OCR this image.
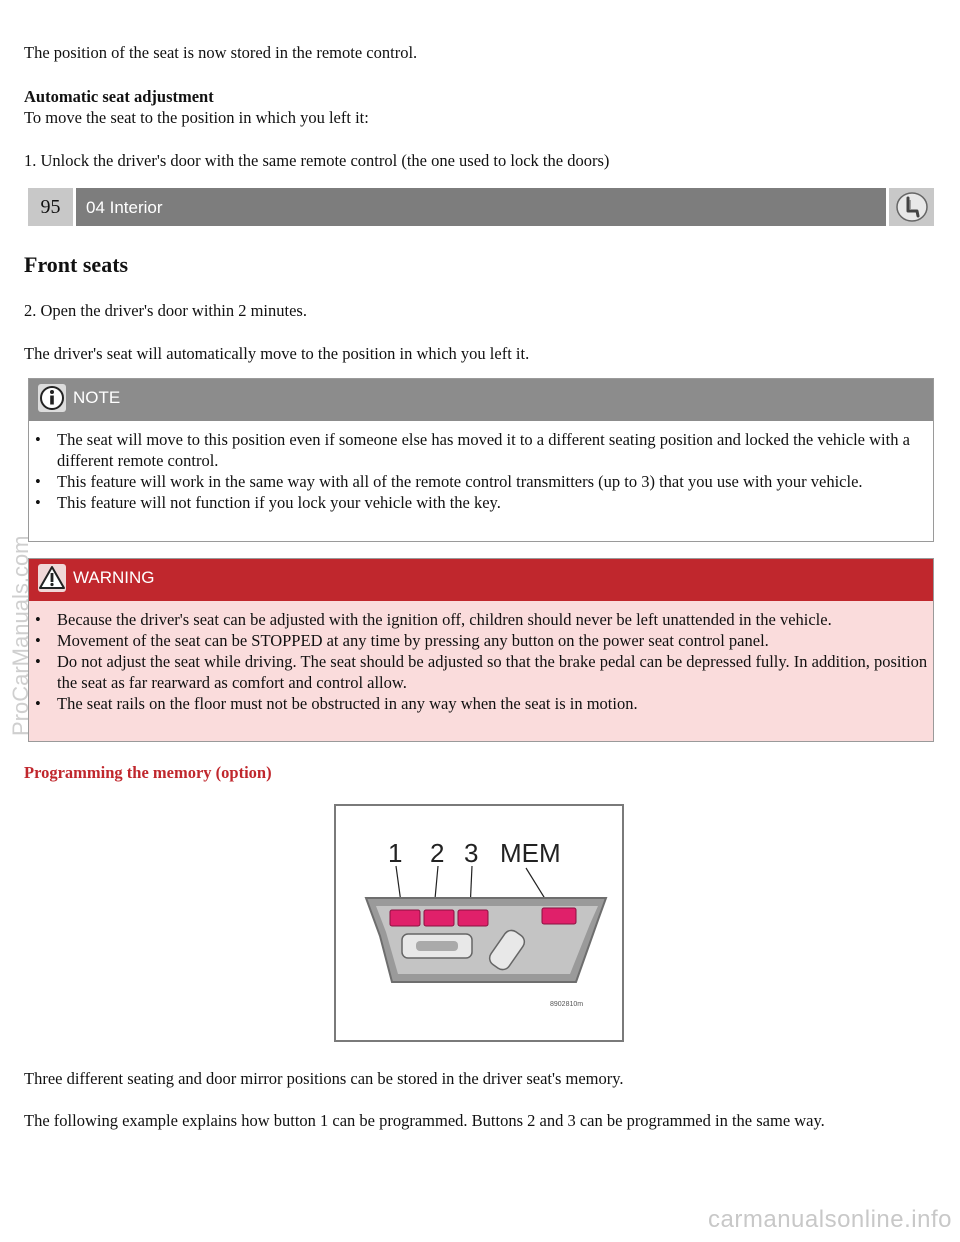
The position of the seat is now stored in the remote control.

Automatic seat adjustment

To move the seat to the position in which you left it:

1. Unlock the driver's door with the same remote control (the one used to lock the doors)

95	04 Interior

Front seats

2. Open the driver's door within 2 minutes.

The driver's seat will automatically move to the position in which you left it.

NOTE
• The seat will move to this position even if someone else has moved it to a different seating position and locked the vehicle with a different remote control.
• This feature will work in the same way with all of the remote control transmitters (up to 3) that you use with your vehicle.
• This feature will not function if you lock your vehicle with the key.
WARNING
• Because the driver's seat can be adjusted with the ignition off, children should never be left unattended in the vehicle.
• Movement of the seat can be STOPPED at any time by pressing any button on the power seat control panel.
• Do not adjust the seat while driving. The seat should be adjusted so that the brake pedal can be depressed fully. In addition, position the seat as far rearward as comfort and control allow.
• The seat rails on the floor must not be obstructed in any way when the seat is in motion.

Programming the memory (option)

1 2 3 MEM
8902810m

Three different seating and door mirror positions can be stored in the driver seat's memory.

The following example explains how button 1 can be programmed. Buttons 2 and 3 can be programmed in the same way.

ProCarManuals.com
carmanualsonline.info
